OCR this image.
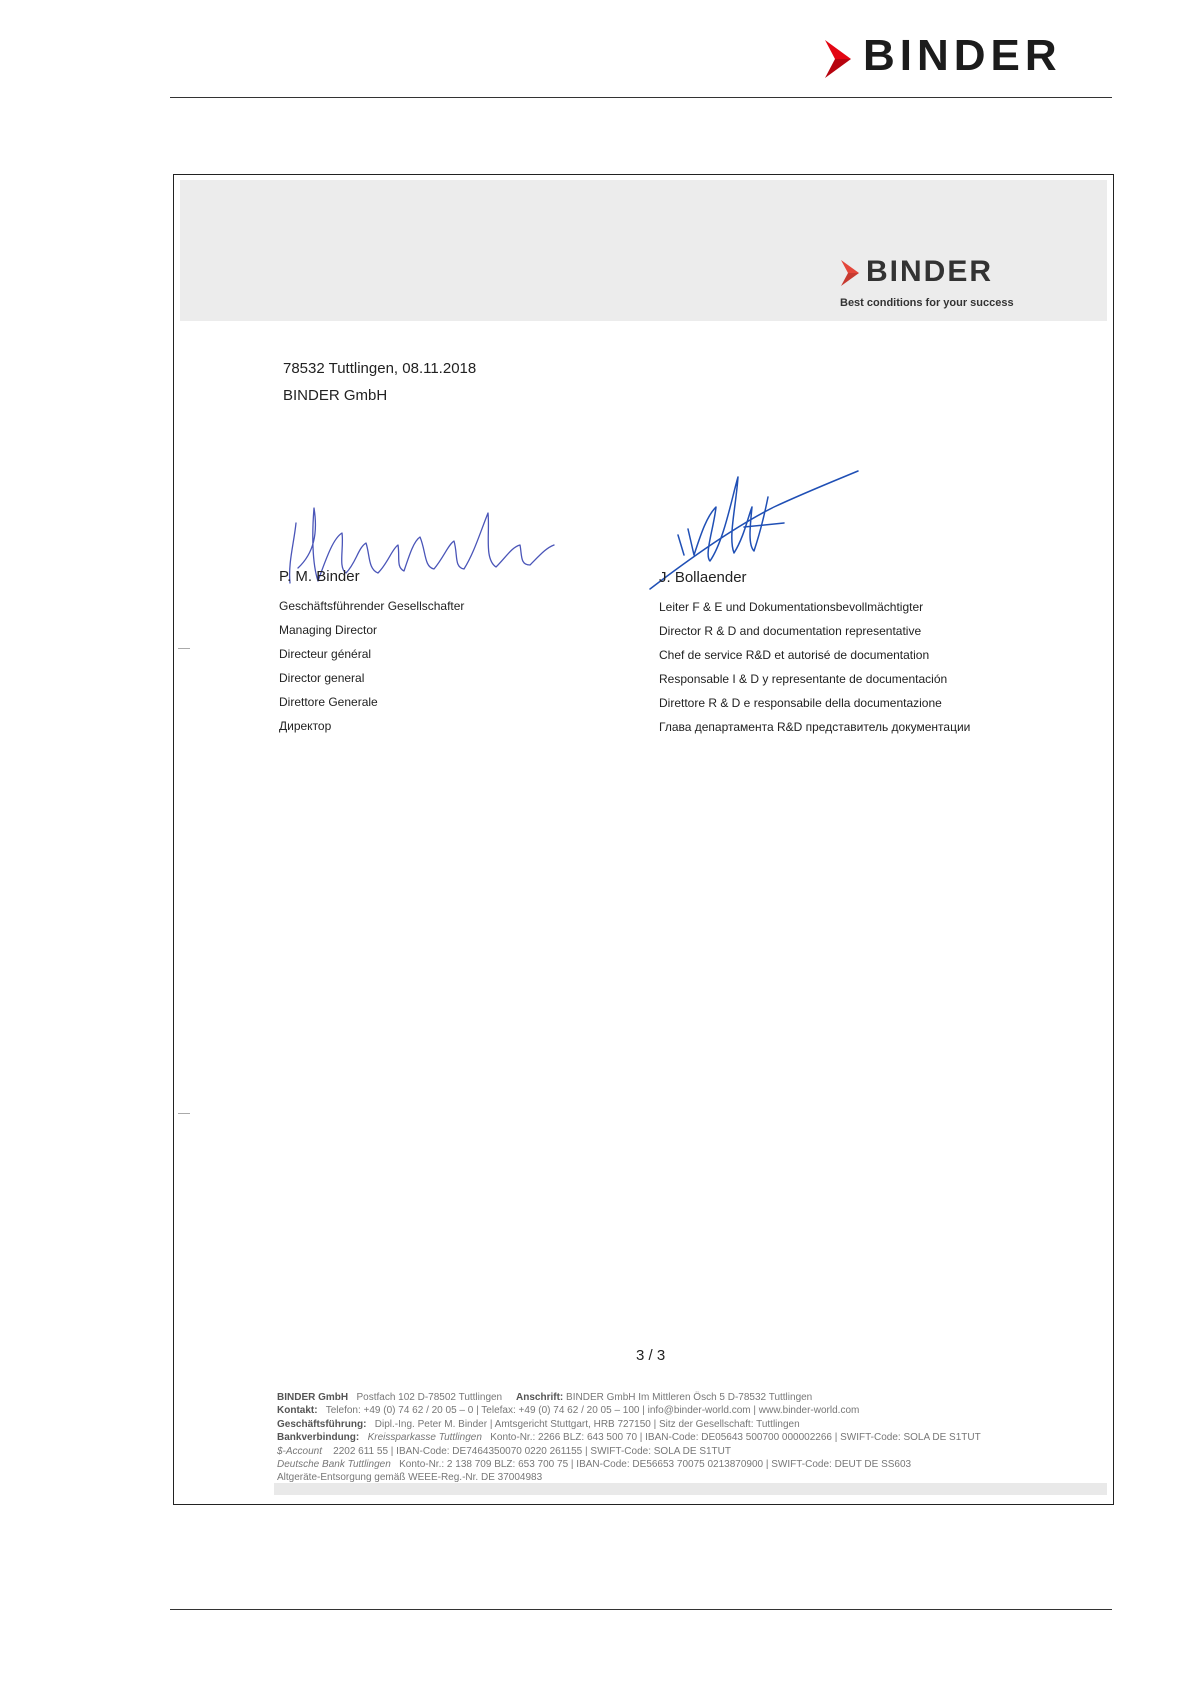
BINDER
BINDER
Best conditions for your success
78532 Tuttlingen, 08.11.2018
BINDER GmbH
P. M. Binder
Geschäftsführender Gesellschafter
Managing Director
Directeur général
Director general
Direttore Generale
Директор
J. Bollaender
Leiter F & E und Dokumentationsbevollmächtigter
Director R & D and documentation representative
Chef de service R&D et autorisé de documentation
Responsable I & D y representante de documentación
Direttore R & D e responsabile della documentazione
Глава департамента R&D представитель документации
3 / 3
BINDER GmbH Postfach 102 D-78502 Tuttlingen Anschrift: BINDER GmbH Im Mittleren Ösch 5 D-78532 Tuttlingen
Kontakt: Telefon: +49 (0) 74 62 / 20 05 – 0 | Telefax: +49 (0) 74 62 / 20 05 – 100 | info@binder-world.com | www.binder-world.com
Geschäftsführung: Dipl.-Ing. Peter M. Binder | Amtsgericht Stuttgart, HRB 727150 | Sitz der Gesellschaft: Tuttlingen
Bankverbindung: Kreissparkasse Tuttlingen Konto-Nr.: 2266 BLZ: 643 500 70 | IBAN-Code: DE05643 500700 000002266 | SWIFT-Code: SOLA DE S1TUT
$-Account 2202 611 55 | IBAN-Code: DE7464350070 0220 261155 | SWIFT-Code: SOLA DE S1TUT
Deutsche Bank Tuttlingen Konto-Nr.: 2 138 709 BLZ: 653 700 75 | IBAN-Code: DE56653 70075 0213870900 | SWIFT-Code: DEUT DE SS603
Altgeräte-Entsorgung gemäß WEEE-Reg.-Nr. DE 37004983
